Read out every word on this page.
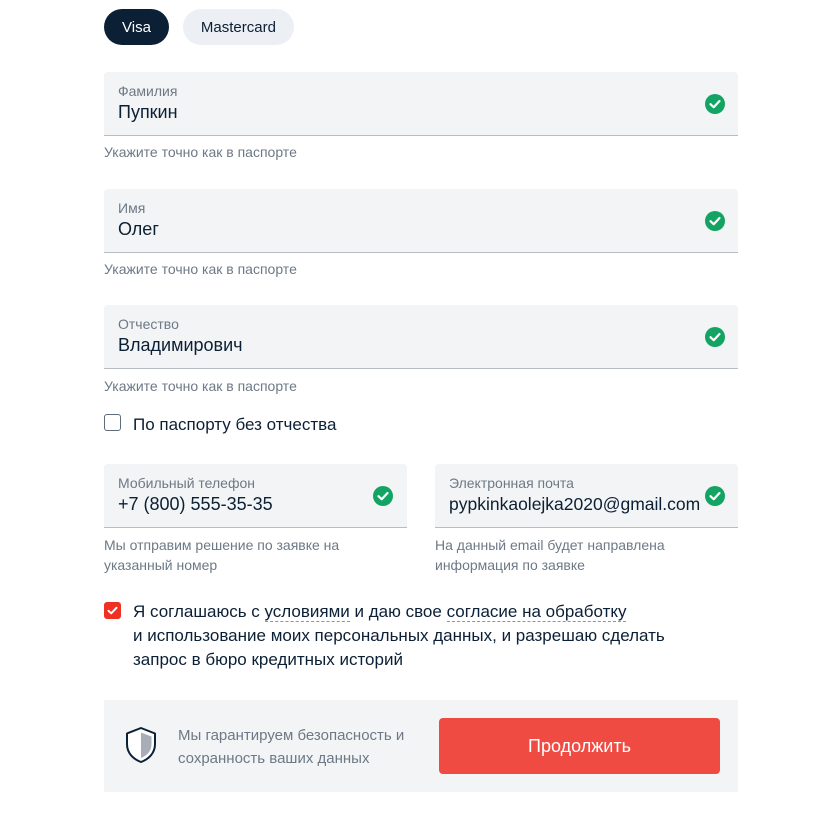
Visa	Mastercard
Фамилия
Пупкин
Укажите точно как в паспорте
Имя
Олег
Укажите точно как в паспорте
Отчество
Владимирович
Укажите точно как в паспорте
По паспорту без отчества
Мобильный телефон
+7 (800) 555-35-35
Мы отправим решение по заявке на
указанный номер
Электронная почта
pypkinkaolejka2020@gmail.com
На данный email будет направлена
информация по заявке
Я соглашаюсь с условиями и даю свое согласие на обработку
и использование моих персональных данных, и разрешаю сделать
запрос в бюро кредитных историй
Мы гарантируем безопасность и
сохранность ваших данных
Продолжить
